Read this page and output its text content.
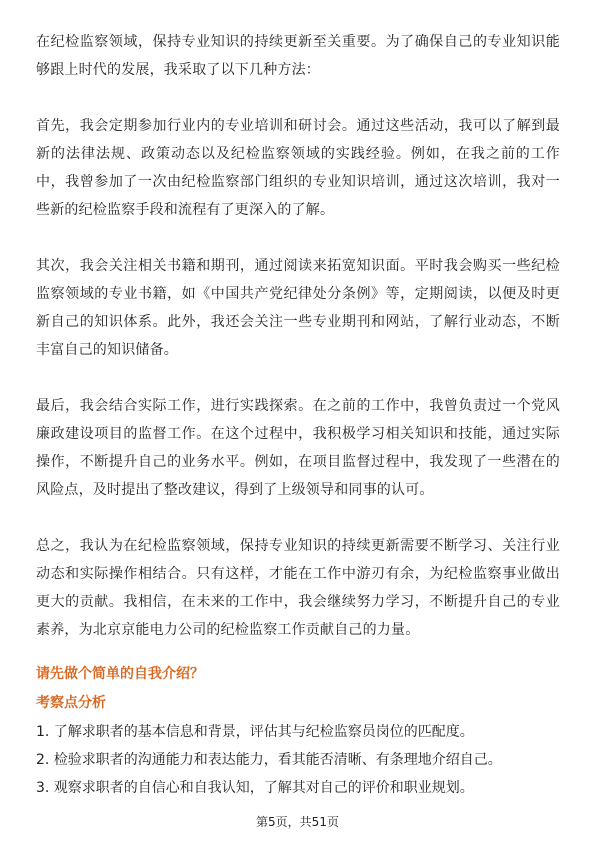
在纪检监察领域，保持专业知识的持续更新至关重要。为了确保自己的专业知识能够跟上时代的发展，我采取了以下几种方法：

首先，我会定期参加行业内的专业培训和研讨会。通过这些活动，我可以了解到最新的法律法规、政策动态以及纪检监察领域的实践经验。例如，在我之前的工作中，我曾参加了一次由纪检监察部门组织的专业知识培训，通过这次培训，我对一些新的纪检监察手段和流程有了更深入的了解。

其次，我会关注相关书籍和期刊，通过阅读来拓宽知识面。平时我会购买一些纪检监察领域的专业书籍，如《中国共产党纪律处分条例》等，定期阅读，以便及时更新自己的知识体系。此外，我还会关注一些专业期刊和网站，了解行业动态，不断丰富自己的知识储备。

最后，我会结合实际工作，进行实践探索。在之前的工作中，我曾负责过一个党风廉政建设项目的监督工作。在这个过程中，我积极学习相关知识和技能，通过实际操作，不断提升自己的业务水平。例如，在项目监督过程中，我发现了一些潜在的风险点，及时提出了整改建议，得到了上级领导和同事的认可。

总之，我认为在纪检监察领域，保持专业知识的持续更新需要不断学习、关注行业动态和实际操作相结合。只有这样，才能在工作中游刃有余，为纪检监察事业做出更大的贡献。我相信，在未来的工作中，我会继续努力学习，不断提升自己的专业素养，为北京京能电力公司的纪检监察工作贡献自己的力量。

请先做个简单的自我介绍？
考察点分析
1. 了解求职者的基本信息和背景，评估其与纪检监察员岗位的匹配度。
2. 检验求职者的沟通能力和表达能力，看其能否清晰、有条理地介绍自己。
3. 观察求职者的自信心和自我认知，了解其对自己的评价和职业规划。
第5页，共51页
